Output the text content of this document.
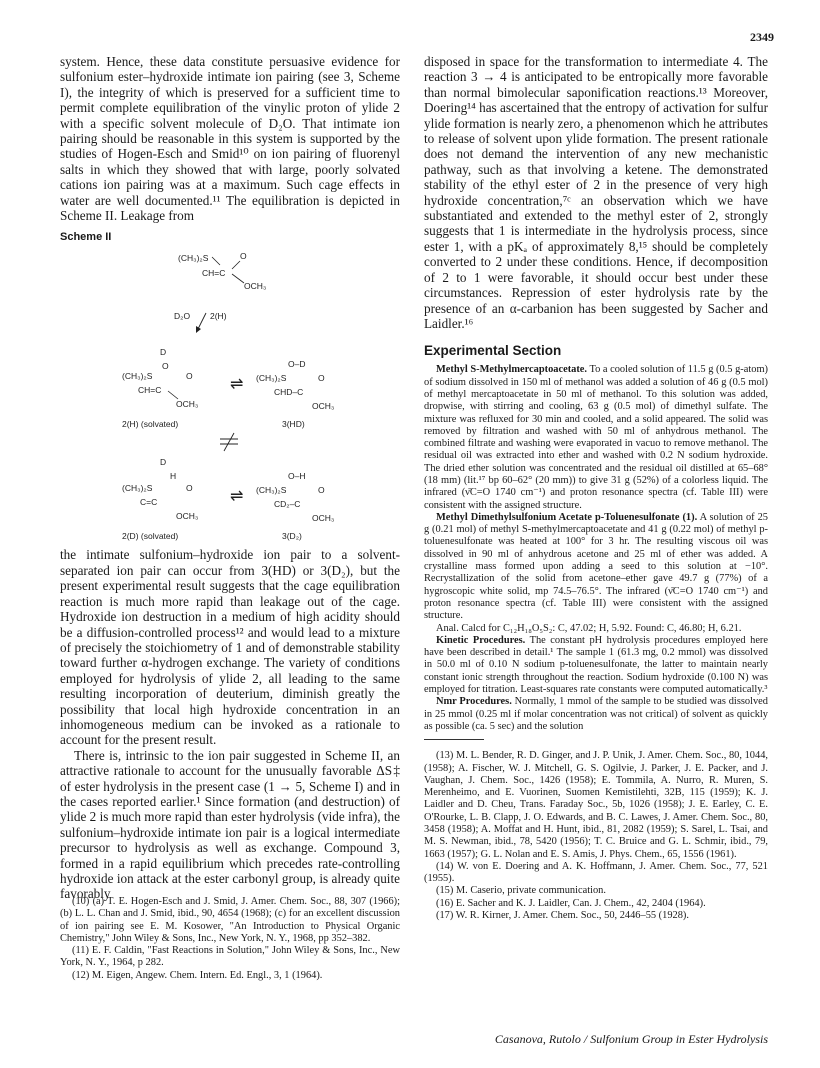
2349

system. Hence, these data constitute persuasive evidence for sulfonium ester–hydroxide intimate ion pairing (see 3, Scheme I), the integrity of which is preserved for a sufficient time to permit complete equilibration of the vinylic proton of ylide 2 with a specific solvent molecule of D₂O. That intimate ion pairing should be reasonable in this system is supported by the studies of Hogen-Esch and Smid¹⁰ on ion pairing of fluorenyl salts in which they showed that with large, poorly solvated cations ion pairing was at a maximum. Such cage effects in water are well documented.¹¹ The equilibration is depicted in Scheme II. Leakage from

Scheme II
(CH₃)₂S
CH=C
O
OCH₃
D₂O 2(H)
D
O
(CH₃)₂S
CH=C
O
OCH₃
2(H) (solvated)
⇌
O–D
(CH₃)₂S
CHD–C
O
OCH₃
3(HD)
D
H
(CH₃)₂S
C=C
O
OCH₃
2(D) (solvated)
⇌
O–H
(CH₃)₂S
CD₂–C
O
OCH₃
3(D₂)

the intimate sulfonium–hydroxide ion pair to a solvent-separated ion pair can occur from 3(HD) or 3(D₂), but the present experimental result suggests that the cage equilibration reaction is much more rapid than leakage out of the cage. Hydroxide ion destruction in a medium of high acidity should be a diffusion-controlled process¹² and would lead to a mixture of precisely the stoichiometry of 1 and of demonstrable stability toward further α-hydrogen exchange. The variety of conditions employed for hydrolysis of ylide 2, all leading to the same resulting incorporation of deuterium, diminish greatly the possibility that local high hydroxide concentration in an inhomogeneous medium can be invoked as a rationale to account for the present result.

There is, intrinsic to the ion pair suggested in Scheme II, an attractive rationale to account for the unusually favorable ΔS‡ of ester hydrolysis in the present case (1 → 5, Scheme I) and in the cases reported earlier.¹ Since formation (and destruction) of ylide 2 is much more rapid than ester hydrolysis (vide infra), the sulfonium–hydroxide intimate ion pair is a logical intermediate precursor to hydrolysis as well as exchange. Compound 3, formed in a rapid equilibrium which precedes rate-controlling hydroxide ion attack at the ester carbonyl group, is already quite favorably

(10) (a) T. E. Hogen-Esch and J. Smid, J. Amer. Chem. Soc., 88, 307 (1966); (b) L. L. Chan and J. Smid, ibid., 90, 4654 (1968); (c) for an excellent discussion of ion pairing see E. M. Kosower, "An Introduction to Physical Organic Chemistry," John Wiley & Sons, Inc., New York, N. Y., 1968, pp 352–382.

(11) E. F. Caldin, "Fast Reactions in Solution," John Wiley & Sons, Inc., New York, N. Y., 1964, p 282.

(12) M. Eigen, Angew. Chem. Intern. Ed. Engl., 3, 1 (1964).

disposed in space for the transformation to intermediate 4. The reaction 3 → 4 is anticipated to be entropically more favorable than normal bimolecular saponification reactions.¹³ Moreover, Doering¹⁴ has ascertained that the entropy of activation for sulfur ylide formation is nearly zero, a phenomenon which he attributes to release of solvent upon ylide formation. The present rationale does not demand the intervention of any new mechanistic pathway, such as that involving a ketene. The demonstrated stability of the ethyl ester of 2 in the presence of very high hydroxide concentration,⁷ᶜ an observation which we have substantiated and extended to the methyl ester of 2, strongly suggests that 1 is intermediate in the hydrolysis process, since ester 1, with a pKₐ of approximately 8,¹⁵ should be completely converted to 2 under these conditions. Hence, if decomposition of 2 to 1 were favorable, it should occur best under these circumstances. Repression of ester hydrolysis rate by the presence of an α-carbanion has been suggested by Sacher and Laidler.¹⁶

Experimental Section

Methyl S-Methylmercaptoacetate. To a cooled solution of 11.5 g (0.5 g-atom) of sodium dissolved in 150 ml of methanol was added a solution of 46 g (0.5 mol) of methyl mercaptoacetate in 50 ml of methanol. To this solution was added, dropwise, with stirring and cooling, 63 g (0.5 mol) of dimethyl sulfate. The mixture was refluxed for 30 min and cooled, and a solid appeared. The solid was removed by filtration and washed with 50 ml of anhydrous methanol. The combined filtrate and washing were evaporated in vacuo to remove methanol. The residual oil was extracted into ether and washed with 0.2 N sodium hydroxide. The dried ether solution was concentrated and the residual oil distilled at 65–68° (18 mm) (lit.¹⁷ bp 60–62° (20 mm)) to give 31 g (52%) of a colorless liquid. The infrared (ν̄C=O 1740 cm⁻¹) and proton resonance spectra (cf. Table III) were consistent with the assigned structure.

Methyl Dimethylsulfonium Acetate p-Toluenesulfonate (1). A solution of 25 g (0.21 mol) of methyl S-methylmercaptoacetate and 41 g (0.22 mol) of methyl p-toluenesulfonate was heated at 100° for 3 hr. The resulting viscous oil was dissolved in 90 ml of anhydrous acetone and 25 ml of ether was added. A crystalline mass formed upon adding a seed to this solution at −10°. Recrystallization of the solid from acetone–ether gave 49.7 g (77%) of a hygroscopic white solid, mp 74.5–76.5°. The infrared (ν̄C=O 1740 cm⁻¹) and proton resonance spectra (cf. Table III) were consistent with the assigned structure.

Anal. Calcd for C₁₂H₁₈O₅S₂: C, 47.02; H, 5.92. Found: C, 46.80; H, 6.21.

Kinetic Procedures. The constant pH hydrolysis procedures employed here have been described in detail.¹ The sample 1 (61.3 mg, 0.2 mmol) was dissolved in 50.0 ml of 0.10 N sodium p-toluenesulfonate, the latter to maintain nearly constant ionic strength throughout the reaction. Sodium hydroxide (0.100 N) was employed for titration. Least-squares rate constants were computed automatically.³

Nmr Procedures. Normally, 1 mmol of the sample to be studied was dissolved in 25 mmol (0.25 ml if molar concentration was not critical) of solvent as quickly as possible (ca. 5 sec) and the solution

(13) M. L. Bender, R. D. Ginger, and J. P. Unik, J. Amer. Chem. Soc., 80, 1044, (1958); A. Fischer, W. J. Mitchell, G. S. Ogilvie, J. Parker, J. E. Packer, and J. Vaughan, J. Chem. Soc., 1426 (1958); E. Tommila, A. Nurro, R. Muren, S. Merenheimo, and E. Vuorinen, Suomen Kemistilehti, 32B, 115 (1959); K. J. Laidler and D. Cheu, Trans. Faraday Soc., 5b, 1026 (1958); J. E. Earley, C. E. O'Rourke, L. B. Clapp, J. O. Edwards, and B. C. Lawes, J. Amer. Chem. Soc., 80, 3458 (1958); A. Moffat and H. Hunt, ibid., 81, 2082 (1959); S. Sarel, L. Tsai, and M. S. Newman, ibid., 78, 5420 (1956); T. C. Bruice and G. L. Schmir, ibid., 79, 1663 (1957); G. L. Nolan and E. S. Amis, J. Phys. Chem., 65, 1556 (1961).

(14) W. von E. Doering and A. K. Hoffmann, J. Amer. Chem. Soc., 77, 521 (1955).

(15) M. Caserio, private communication.

(16) E. Sacher and K. J. Laidler, Can. J. Chem., 42, 2404 (1964).

(17) W. R. Kirner, J. Amer. Chem. Soc., 50, 2446–55 (1928).

Casanova, Rutolo / Sulfonium Group in Ester Hydrolysis
